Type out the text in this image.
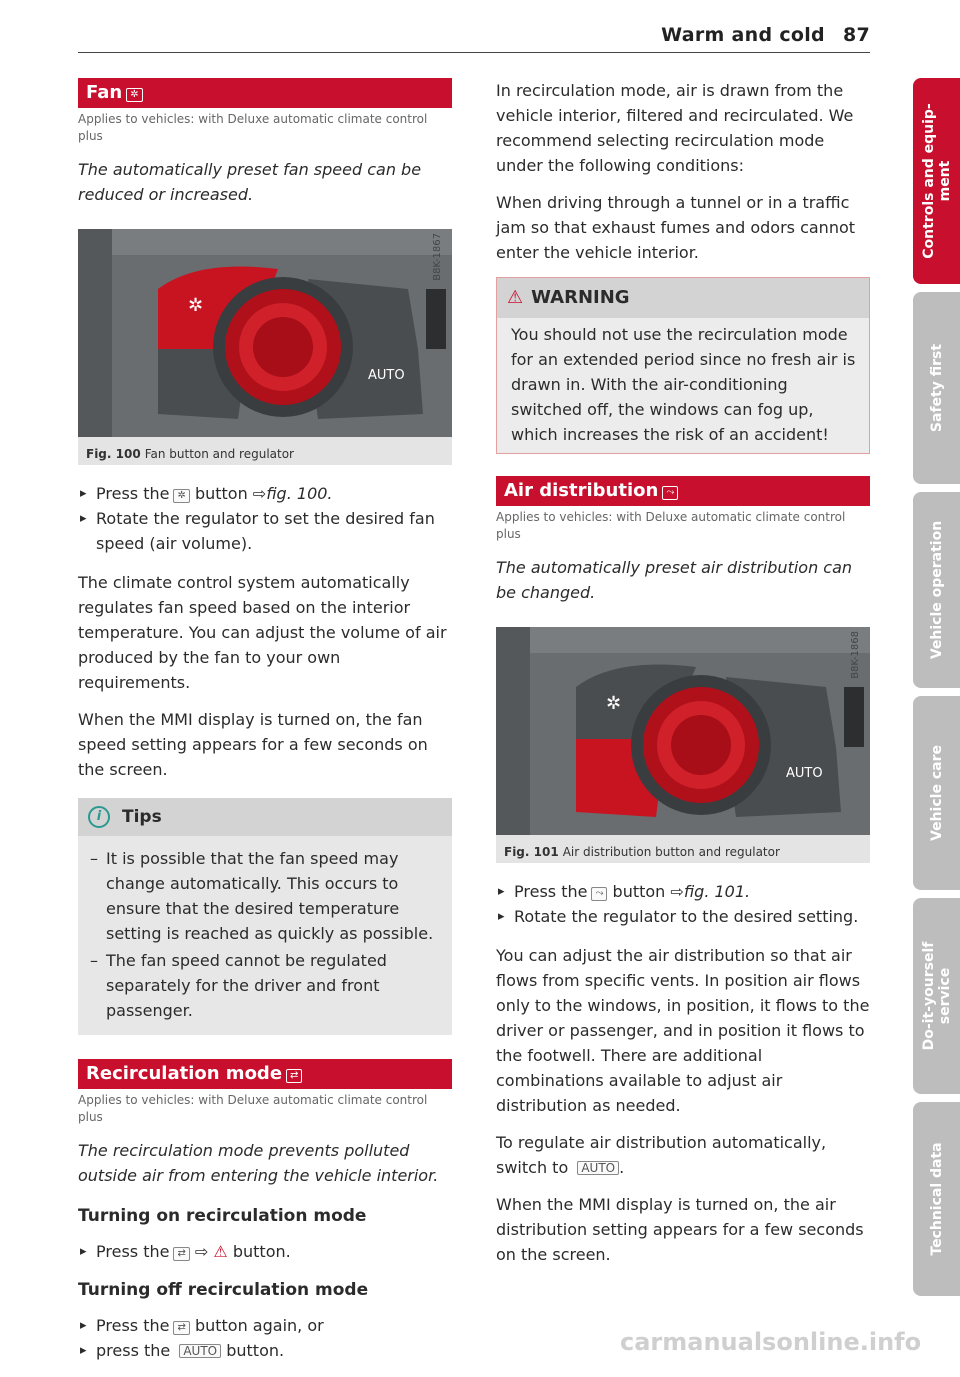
Warm and cold 87
Fan ✲
Applies to vehicles: with Deluxe automatic climate control plus

The automatically preset fan speed can be reduced or increased.

✲
AUTO
B8K-1867
Fig. 100 Fan button and regulator
▸ Press the ✲ button ⇨fig. 100.
▸ Rotate the regulator to set the desired fan speed (air volume).

The climate control system automatically regulates fan speed based on the interior temperature. You can adjust the volume of air produced by the fan to your own requirements.

When the MMI display is turned on, the fan speed setting appears for a few seconds on the screen.

i Tips
– It is possible that the fan speed may change automatically. This occurs to ensure that the desired temperature setting is reached as quickly as possible.
– The fan speed cannot be regulated separately for the driver and front passenger.
Recirculation mode ⇄
Applies to vehicles: with Deluxe automatic climate control plus

The recirculation mode prevents polluted outside air from entering the vehicle interior.

Turning on recirculation mode
▸ Press the ⇄ ⇨ ⚠ button.
Turning off recirculation mode
▸ Press the ⇄ button again, or
▸ press the AUTO button.

In recirculation mode, air is drawn from the vehicle interior, filtered and recirculated. We recommend selecting recirculation mode under the following conditions:

When driving through a tunnel or in a traffic jam so that exhaust fumes and odors cannot enter the vehicle interior.

⚠ WARNING
You should not use the recirculation mode for an extended period since no fresh air is drawn in. With the air-conditioning switched off, the windows can fog up, which increases the risk of an accident!
Air distribution ⤳
Applies to vehicles: with Deluxe automatic climate control plus

The automatically preset air distribution can be changed.

✲
AUTO
B8K-1868
Fig. 101 Air distribution button and regulator
▸ Press the ⤳ button ⇨fig. 101.
▸ Rotate the regulator to the desired setting.

You can adjust the air distribution so that air flows from specific vents. In position air flows only to the windows, in position, it flows to the driver or passenger, and in position it flows to the footwell. There are additional combinations available to adjust air distribution as needed.

To regulate air distribution automatically, switch to AUTO .

When the MMI display is turned on, the air distribution setting appears for a few seconds on the screen.

Controls and equip-
ment
Safety first
Vehicle operation
Vehicle care
Do-it-yourself
service
Technical data
carmanualsonline.info
